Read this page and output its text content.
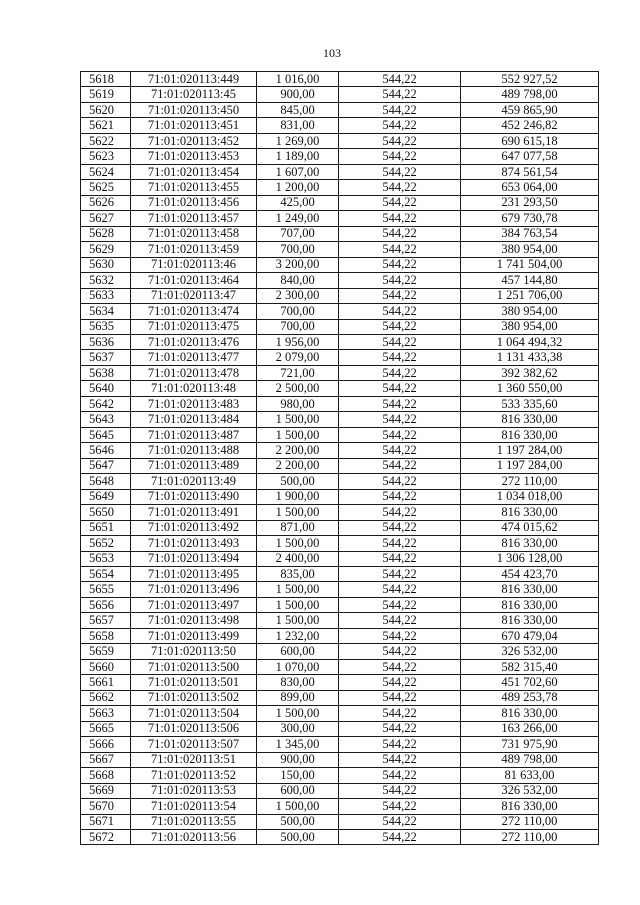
103
5618	71:01:020113:449	1 016,00	544,22	552 927,52
5619	71:01:020113:45	900,00	544,22	489 798,00
5620	71:01:020113:450	845,00	544,22	459 865,90
5621	71:01:020113:451	831,00	544,22	452 246,82
5622	71:01:020113:452	1 269,00	544,22	690 615,18
5623	71:01:020113:453	1 189,00	544,22	647 077,58
5624	71:01:020113:454	1 607,00	544,22	874 561,54
5625	71:01:020113:455	1 200,00	544,22	653 064,00
5626	71:01:020113:456	425,00	544,22	231 293,50
5627	71:01:020113:457	1 249,00	544,22	679 730,78
5628	71:01:020113:458	707,00	544,22	384 763,54
5629	71:01:020113:459	700,00	544,22	380 954,00
5630	71:01:020113:46	3 200,00	544,22	1 741 504,00
5632	71:01:020113:464	840,00	544,22	457 144,80
5633	71:01:020113:47	2 300,00	544,22	1 251 706,00
5634	71:01:020113:474	700,00	544,22	380 954,00
5635	71:01:020113:475	700,00	544,22	380 954,00
5636	71:01:020113:476	1 956,00	544,22	1 064 494,32
5637	71:01:020113:477	2 079,00	544,22	1 131 433,38
5638	71:01:020113:478	721,00	544,22	392 382,62
5640	71:01:020113:48	2 500,00	544,22	1 360 550,00
5642	71:01:020113:483	980,00	544,22	533 335,60
5643	71:01:020113:484	1 500,00	544,22	816 330,00
5645	71:01:020113:487	1 500,00	544,22	816 330,00
5646	71:01:020113:488	2 200,00	544,22	1 197 284,00
5647	71:01:020113:489	2 200,00	544,22	1 197 284,00
5648	71:01:020113:49	500,00	544,22	272 110,00
5649	71:01:020113:490	1 900,00	544,22	1 034 018,00
5650	71:01:020113:491	1 500,00	544,22	816 330,00
5651	71:01:020113:492	871,00	544,22	474 015,62
5652	71:01:020113:493	1 500,00	544,22	816 330,00
5653	71:01:020113:494	2 400,00	544,22	1 306 128,00
5654	71:01:020113:495	835,00	544,22	454 423,70
5655	71:01:020113:496	1 500,00	544,22	816 330,00
5656	71:01:020113:497	1 500,00	544,22	816 330,00
5657	71:01:020113:498	1 500,00	544,22	816 330,00
5658	71:01:020113:499	1 232,00	544,22	670 479,04
5659	71:01:020113:50	600,00	544,22	326 532,00
5660	71:01:020113:500	1 070,00	544,22	582 315,40
5661	71:01:020113:501	830,00	544,22	451 702,60
5662	71:01:020113:502	899,00	544,22	489 253,78
5663	71:01:020113:504	1 500,00	544,22	816 330,00
5665	71:01:020113:506	300,00	544,22	163 266,00
5666	71:01:020113:507	1 345,00	544,22	731 975,90
5667	71:01:020113:51	900,00	544,22	489 798,00
5668	71:01:020113:52	150,00	544,22	81 633,00
5669	71:01:020113:53	600,00	544,22	326 532,00
5670	71:01:020113:54	1 500,00	544,22	816 330,00
5671	71:01:020113:55	500,00	544,22	272 110,00
5672	71:01:020113:56	500,00	544,22	272 110,00
